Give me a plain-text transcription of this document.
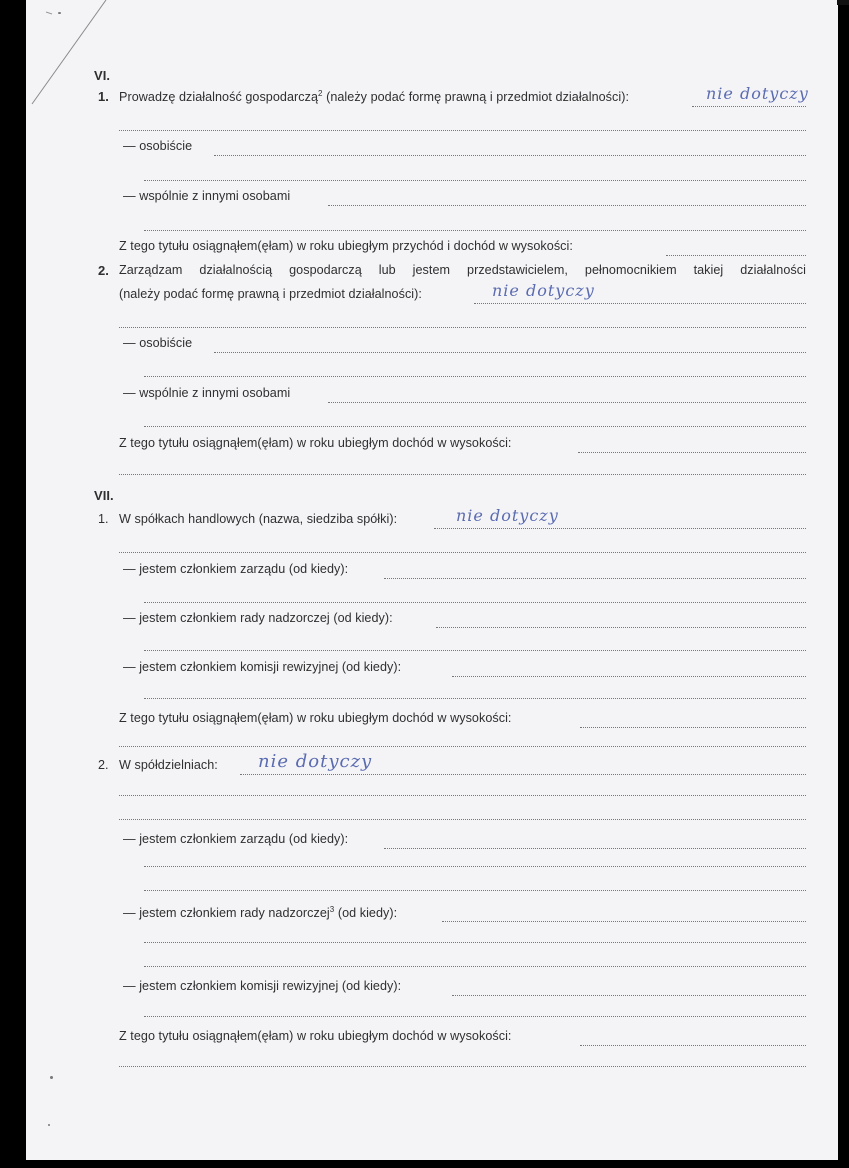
VI.
1. Prowadzę działalność gospodarczą$^2$ (należy podać formę prawną i przedmiot działalności):	nie dotyczy
— osobiście
— wspólnie z innymi osobami
Z tego tytułu osiągnąłem(ęłam) w roku ubiegłym przychód i dochód w wysokości:
2. Zarządzam działalnością gospodarczą lub jestem przedstawicielem, pełnomocnikiem takiej działalności
(należy podać formę prawną i przedmiot działalności):	nie dotyczy
— osobiście
— wspólnie z innymi osobami
Z tego tytułu osiągnąłem(ęłam) w roku ubiegłym dochód w wysokości:
VII.
1. W spółkach handlowych (nazwa, siedziba spółki):	nie dotyczy
— jestem członkiem zarządu (od kiedy):
— jestem członkiem rady nadzorczej (od kiedy):
— jestem członkiem komisji rewizyjnej (od kiedy):
Z tego tytułu osiągnąłem(ęłam) w roku ubiegłym dochód w wysokości:
2. W spółdzielniach: nie dotyczy
— jestem członkiem zarządu (od kiedy):
— jestem członkiem rady nadzorczej$^3$ (od kiedy):
— jestem członkiem komisji rewizyjnej (od kiedy):
Z tego tytułu osiągnąłem(ęłam) w roku ubiegłym dochód w wysokości:
